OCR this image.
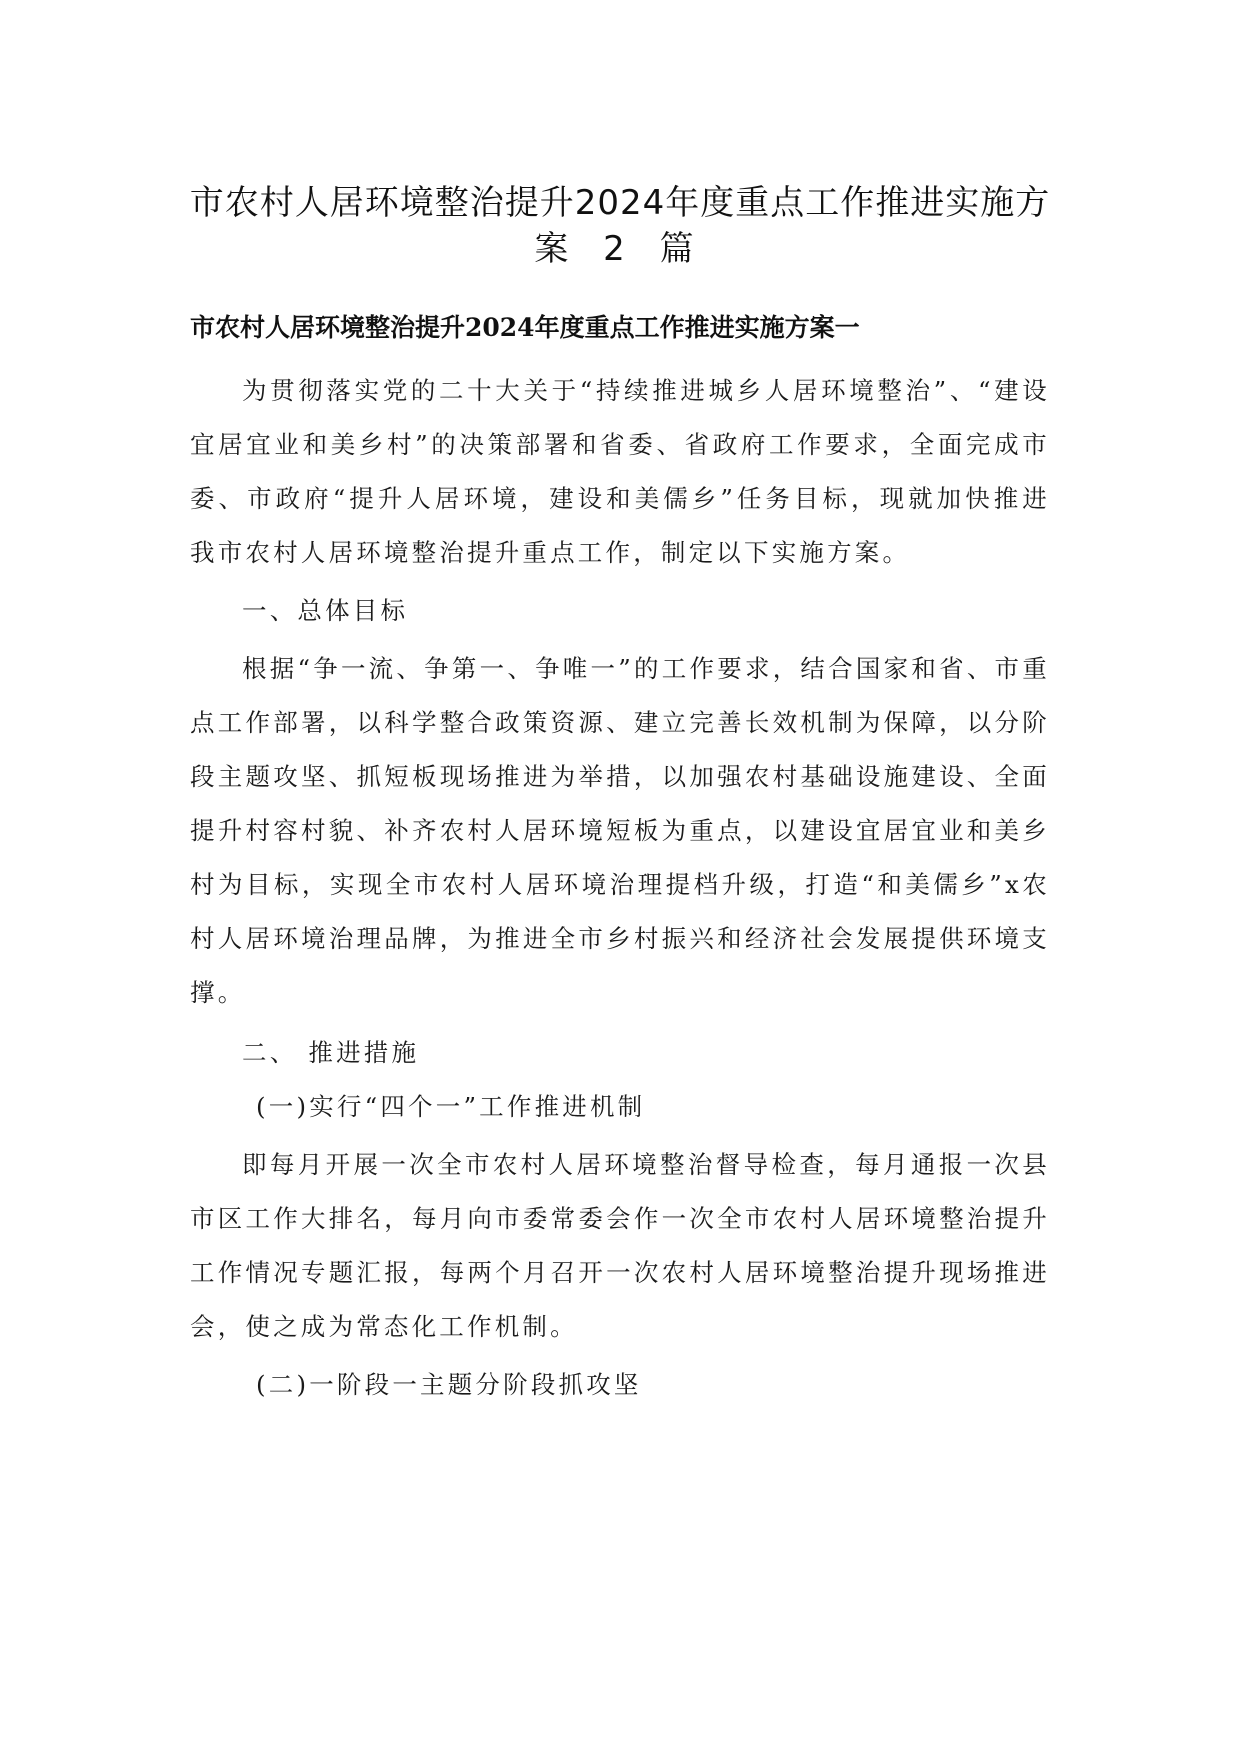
市农村人居环境整治提升2024年度重点工作推进实施方
案 2 篇
市农村人居环境整治提升2024年度重点工作推进实施方案一

为贯彻落实党的二十大关于“持续推进城乡人居环境整治”、“建设宜居宜业和美乡村”的决策部署和省委、省政府工作要求，全面完成市委、市政府“提升人居环境，建设和美儒乡”任务目标，现就加快推进我市农村人居环境整治提升重点工作，制定以下实施方案。

一、总体目标

根据“争一流、争第一、争唯一”的工作要求，结合国家和省、市重点工作部署，以科学整合政策资源、建立完善长效机制为保障，以分阶段主题攻坚、抓短板现场推进为举措，以加强农村基础设施建设、全面提升村容村貌、补齐农村人居环境短板为重点，以建设宜居宜业和美乡村为目标，实现全市农村人居环境治理提档升级，打造“和美儒乡”x农村人居环境治理品牌，为推进全市乡村振兴和经济社会发展提供环境支撑。

二、 推进措施

(一)实行“四个一”工作推进机制

即每月开展一次全市农村人居环境整治督导检查，每月通报一次县市区工作大排名，每月向市委常委会作一次全市农村人居环境整治提升工作情况专题汇报，每两个月召开一次农村人居环境整治提升现场推进会，使之成为常态化工作机制。

(二)一阶段一主题分阶段抓攻坚
